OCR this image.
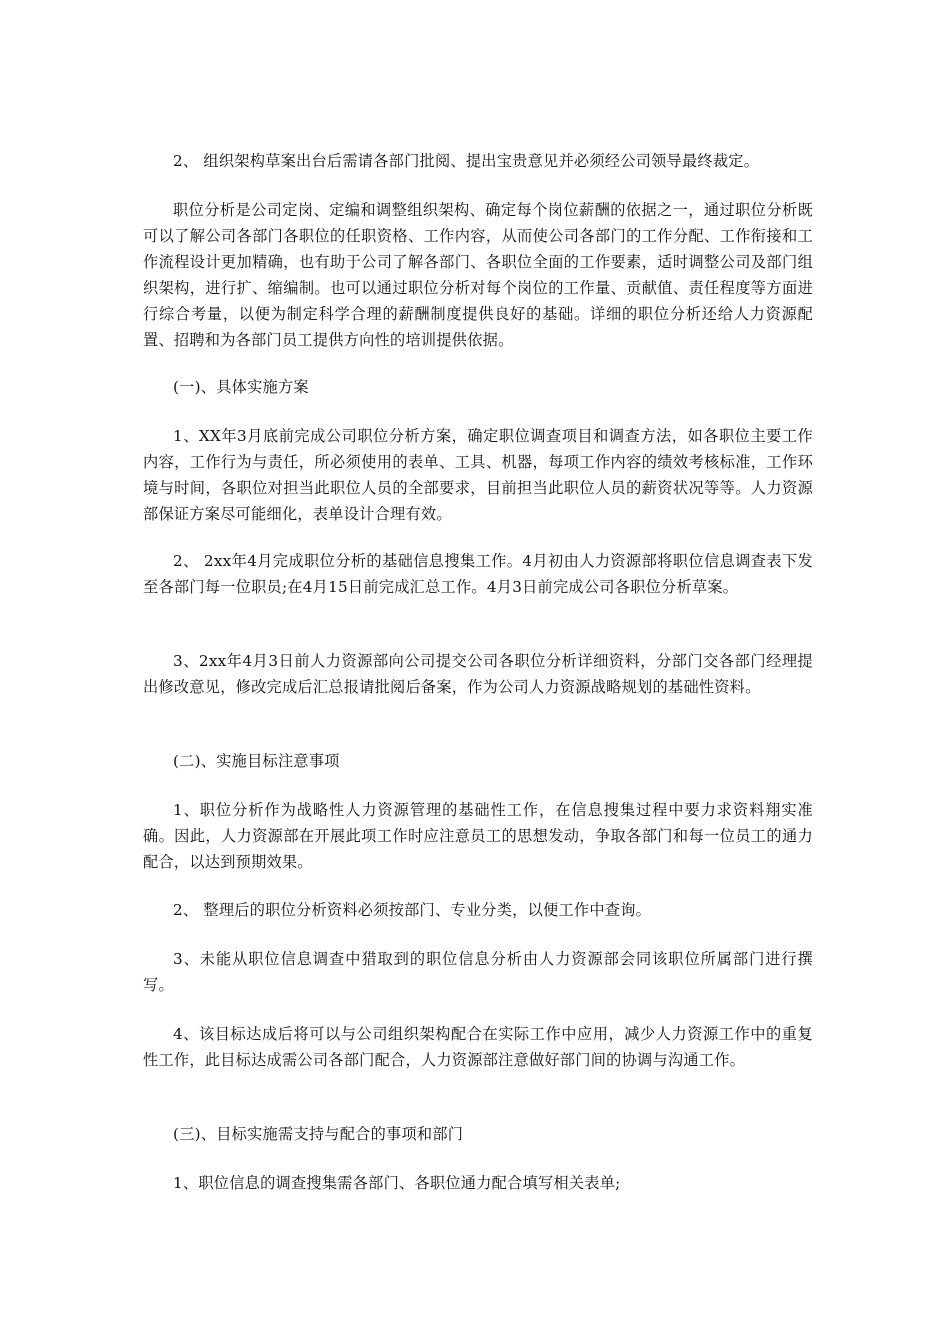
2、 组织架构草案出台后需请各部门批阅、提出宝贵意见并必须经公司领导最终裁定。

职位分析是公司定岗、定编和调整组织架构、确定每个岗位薪酬的依据之一，通过职位分析既可以了解公司各部门各职位的任职资格、工作内容，从而使公司各部门的工作分配、工作衔接和工作流程设计更加精确，也有助于公司了解各部门、各职位全面的工作要素，适时调整公司及部门组织架构，进行扩、缩编制。也可以通过职位分析对每个岗位的工作量、贡献值、责任程度等方面进行综合考量，以便为制定科学合理的薪酬制度提供良好的基础。详细的职位分析还给人力资源配置、招聘和为各部门员工提供方向性的培训提供依据。

(一)、具体实施方案

1、XX年3月底前完成公司职位分析方案，确定职位调查项目和调查方法，如各职位主要工作内容，工作行为与责任，所必须使用的表单、工具、机器，每项工作内容的绩效考核标准，工作环境与时间，各职位对担当此职位人员的全部要求，目前担当此职位人员的薪资状况等等。人力资源部保证方案尽可能细化，表单设计合理有效。

2、 2xx年4月完成职位分析的基础信息搜集工作。4月初由人力资源部将职位信息调查表下发至各部门每一位职员;在4月15日前完成汇总工作。4月3日前完成公司各职位分析草案。

3、2xx年4月3日前人力资源部向公司提交公司各职位分析详细资料，分部门交各部门经理提出修改意见，修改完成后汇总报请批阅后备案，作为公司人力资源战略规划的基础性资料。

(二)、实施目标注意事项

1、职位分析作为战略性人力资源管理的基础性工作，在信息搜集过程中要力求资料翔实准确。因此，人力资源部在开展此项工作时应注意员工的思想发动，争取各部门和每一位员工的通力配合，以达到预期效果。

2、 整理后的职位分析资料必须按部门、专业分类，以便工作中查询。

3、未能从职位信息调查中猎取到的职位信息分析由人力资源部会同该职位所属部门进行撰写。

4、该目标达成后将可以与公司组织架构配合在实际工作中应用，减少人力资源工作中的重复性工作，此目标达成需公司各部门配合，人力资源部注意做好部门间的协调与沟通工作。

(三)、目标实施需支持与配合的事项和部门

1、职位信息的调查搜集需各部门、各职位通力配合填写相关表单;
